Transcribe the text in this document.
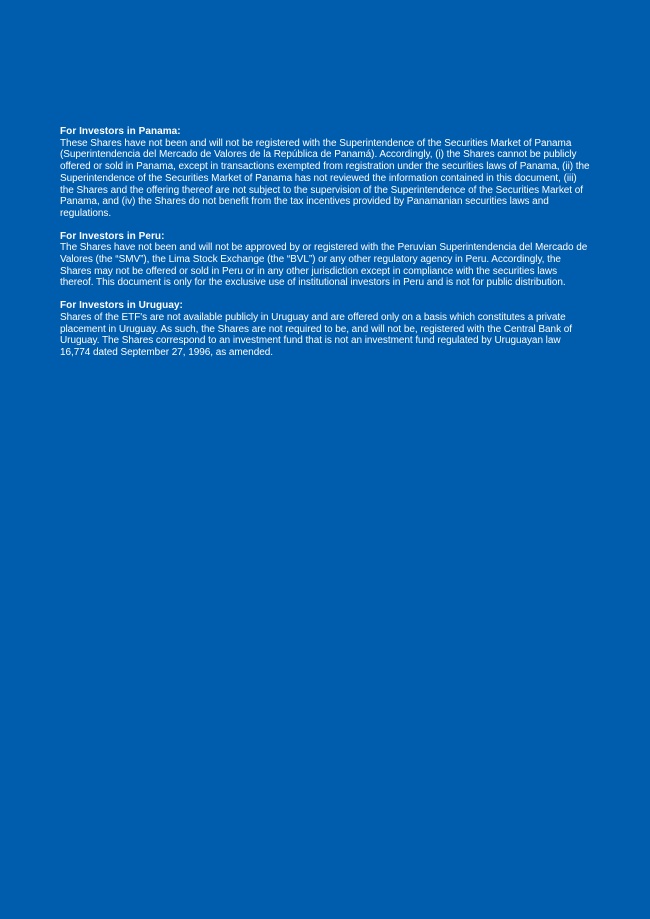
For Investors in Panama:

These Shares have not been and will not be registered with the Superintendence of the Securities Market of Panama (Superintendencia del Mercado de Valores de la República de Panamá). Accordingly, (i) the Shares cannot be publicly offered or sold in Panama, except in transactions exempted from registration under the securities laws of Panama, (ii) the Superintendence of the Securities Market of Panama has not reviewed the information contained in this document, (iii) the Shares and the offering thereof are not subject to the supervision of the Superintendence of the Securities Market of Panama, and (iv) the Shares do not benefit from the tax incentives provided by Panamanian securities laws and regulations.

For Investors in Peru:

The Shares have not been and will not be approved by or registered with the Peruvian Superintendencia del Mercado de Valores (the “SMV”), the Lima Stock Exchange (the “BVL”) or any other regulatory agency in Peru. Accordingly, the Shares may not be offered or sold in Peru or in any other jurisdiction except in compliance with the securities laws thereof. This document is only for the exclusive use of institutional investors in Peru and is not for public distribution.

For Investors in Uruguay:

Shares of the ETF's are not available publicly in Uruguay and are offered only on a basis which constitutes a private placement in Uruguay. As such, the Shares are not required to be, and will not be, registered with the Central Bank of Uruguay. The Shares correspond to an investment fund that is not an investment fund regulated by Uruguayan law 16,774 dated September 27, 1996, as amended.
